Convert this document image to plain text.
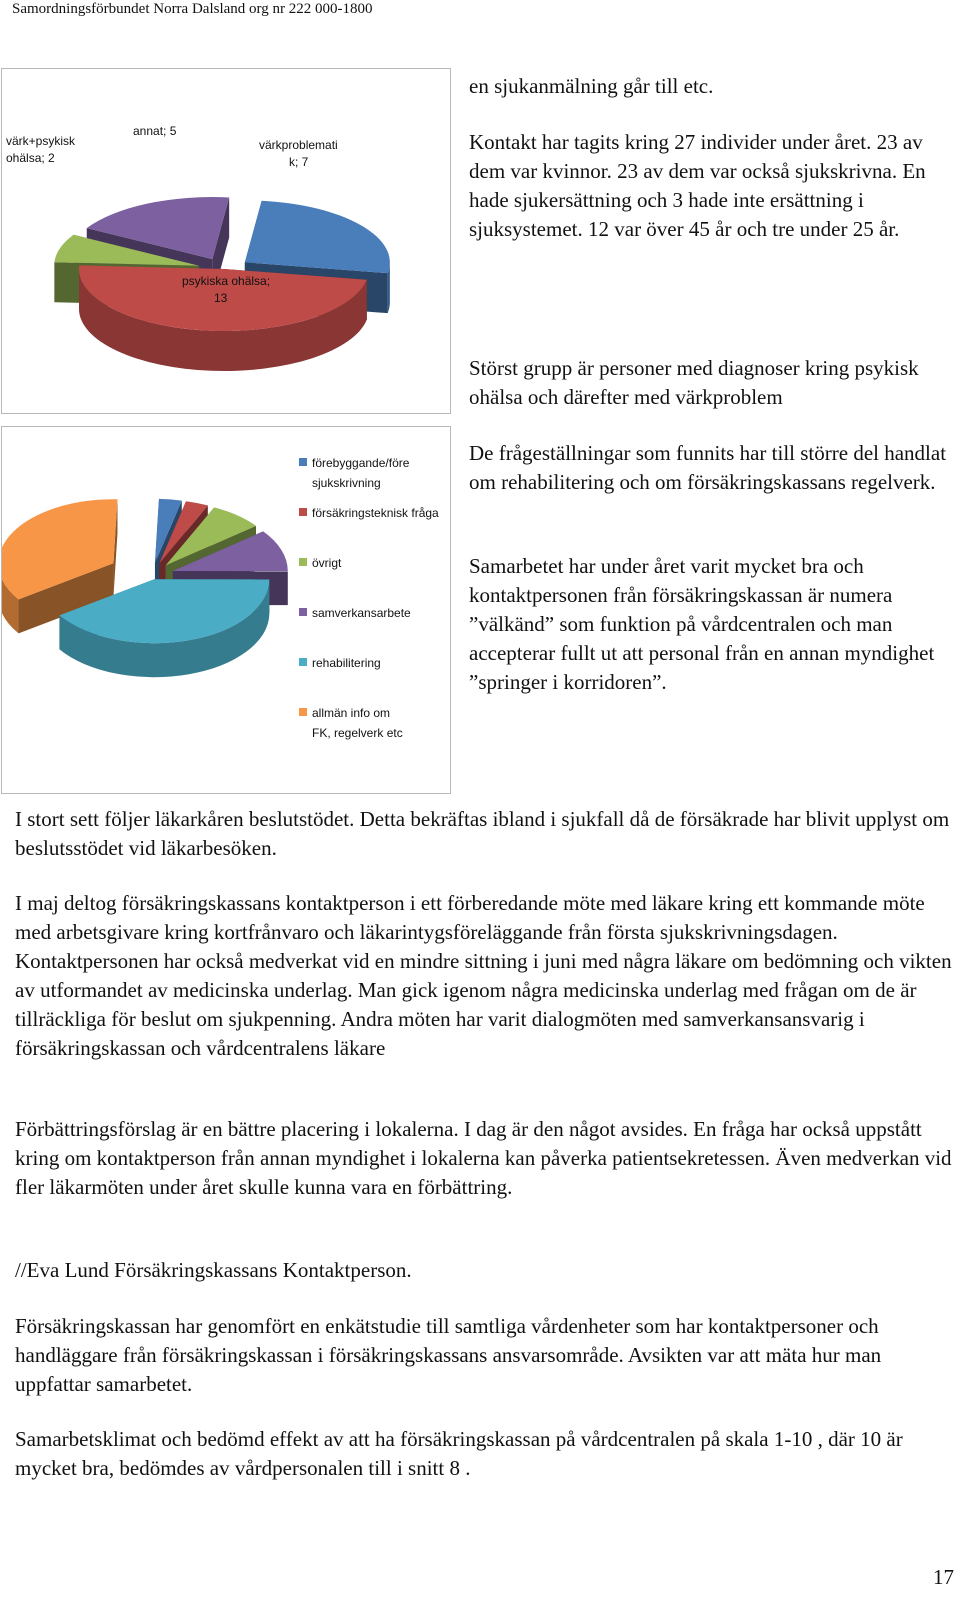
Samordningsförbundet Norra Dalsland org nr 222 000-1800
värkproblemati k; 7
psykiska ohälsa; 13
värk+psykisk ohälsa; 2
annat; 5
förebyggande/före sjukskrivning
försäkringsteknisk fråga
övrigt
samverkansarbete
rehabilitering
allmän info om FK, regelverk etc

en sjukanmälning går till etc.

Kontakt har tagits kring 27 individer under året. 23 av dem var kvinnor. 23 av dem var också sjukskrivna. En hade sjukersättning och 3 hade inte ersättning i sjuksystemet. 12 var över 45 år och tre under 25 år.

Störst grupp är personer med diagnoser kring psykisk ohälsa och därefter med värkproblem

De frågeställningar som funnits har till större del handlat om rehabilitering och om försäkringskassans regelverk.

Samarbetet har under året varit mycket bra och kontaktpersonen från försäkringskassan är numera ”välkänd” som funktion på vårdcentralen och man accepterar fullt ut att personal från en annan myndighet ”springer i korridoren”.

I stort sett följer läkarkåren beslutstödet. Detta bekräftas ibland i sjukfall då de försäkrade har blivit upplyst om beslutsstödet vid läkarbesöken.

I maj deltog försäkringskassans kontaktperson i ett förberedande möte med läkare kring ett kommande möte med arbetsgivare kring kortfrånvaro och läkarintygsföreläggande från första sjukskrivningsdagen. Kontaktpersonen har också medverkat vid en mindre sittning i juni med några läkare om bedömning och vikten av utformandet av medicinska underlag. Man gick igenom några medicinska underlag med frågan om de är tillräckliga för beslut om sjukpenning. Andra möten har varit dialogmöten med samverkansansvarig i försäkringskassan och vårdcentralens läkare

Förbättringsförslag är en bättre placering i lokalerna. I dag är den något avsides. En fråga har också uppstått kring om kontaktperson från annan myndighet i lokalerna kan påverka patientsekretessen. Även medverkan vid fler läkarmöten under året skulle kunna vara en förbättring.

//Eva Lund Försäkringskassans Kontaktperson.

Försäkringskassan har genomfört en enkätstudie till samtliga vårdenheter som har kontaktpersoner och handläggare från försäkringskassan i försäkringskassans ansvarsområde. Avsikten var att mäta hur man uppfattar samarbetet.

Samarbetsklimat och bedömd effekt av att ha försäkringskassan på vårdcentralen på skala 1-10 , där 10 är mycket bra, bedömdes av vårdpersonalen till i snitt 8 .

17
